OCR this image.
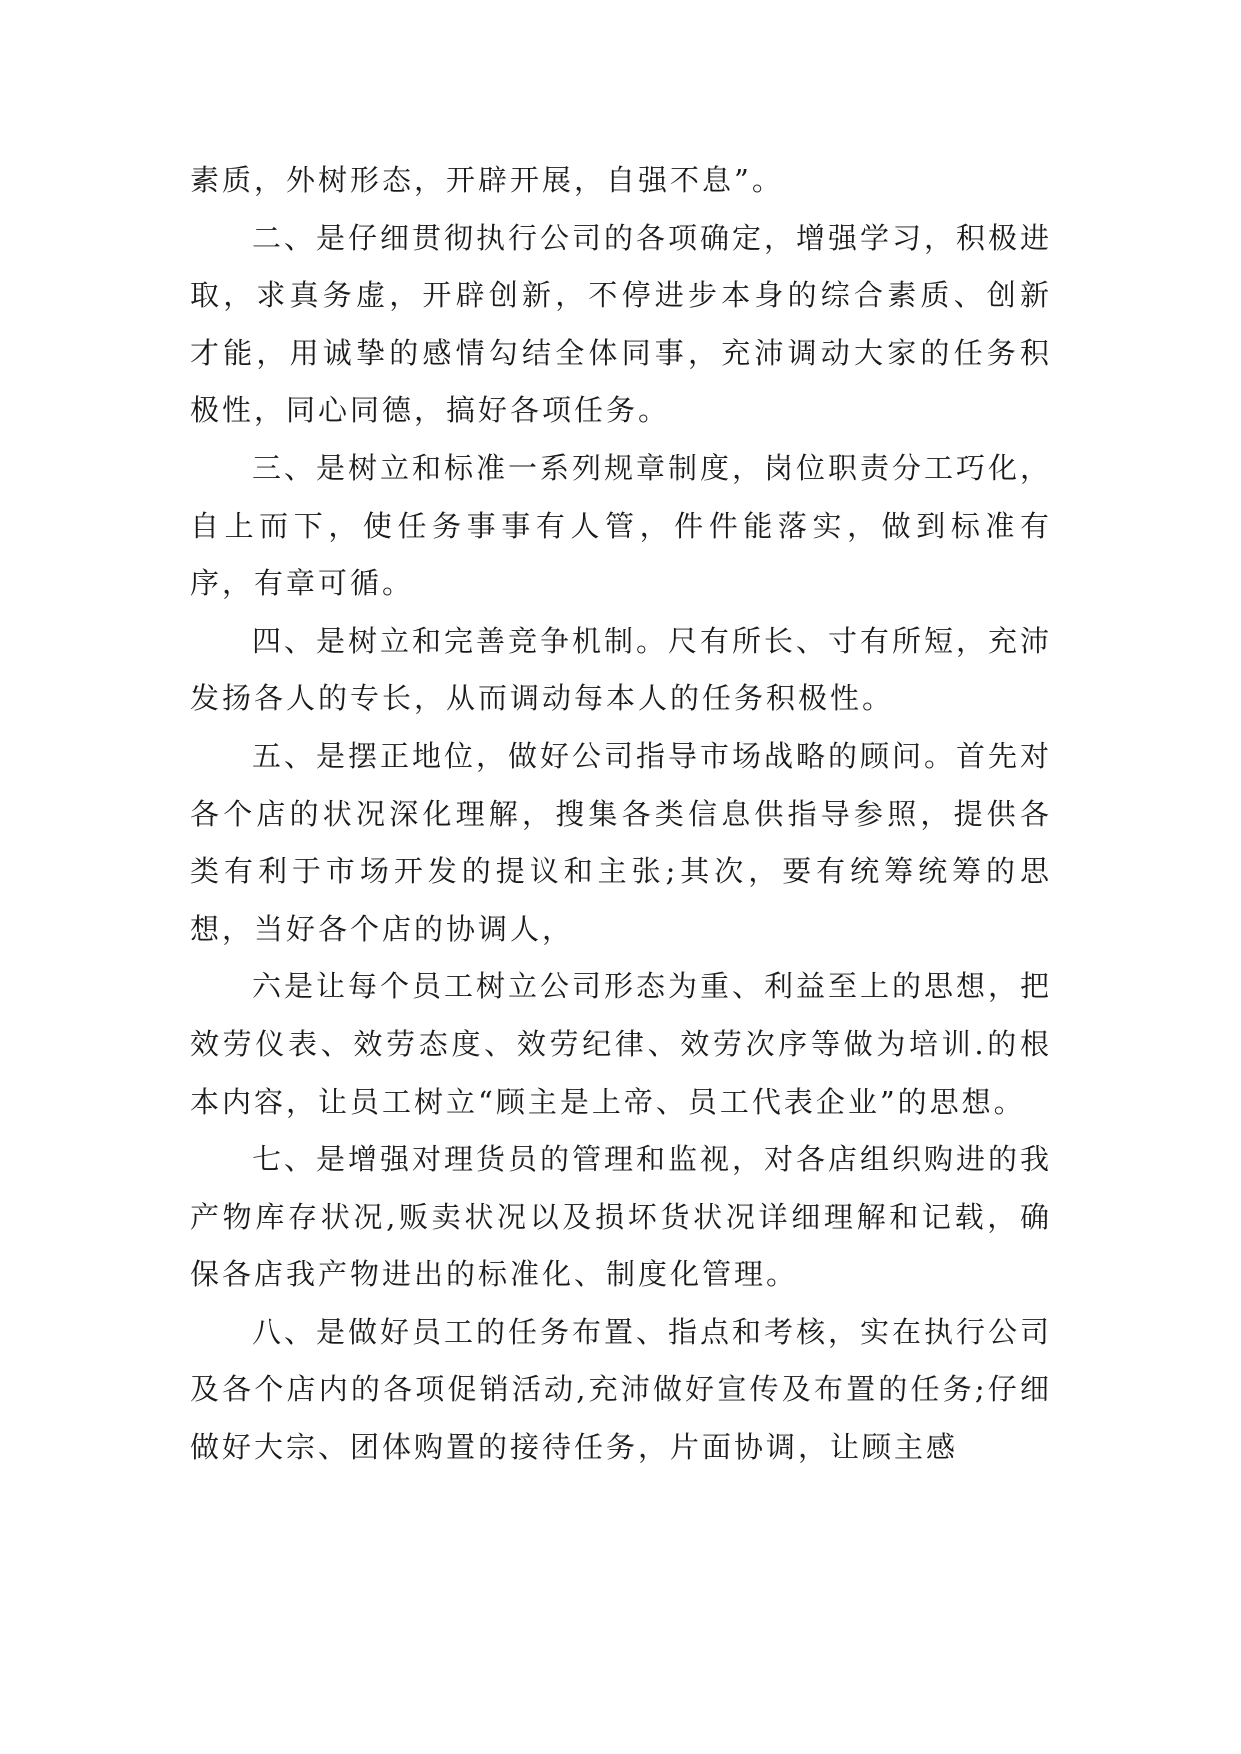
素质，外树形态，开辟开展，自强不息”。

二、是仔细贯彻执行公司的各项确定，增强学习，积极进取，求真务虚，开辟创新，不停进步本身的综合素质、创新才能，用诚挚的感情勾结全体同事，充沛调动大家的任务积极性，同心同德，搞好各项任务。

三、是树立和标准一系列规章制度，岗位职责分工巧化，自上而下，使任务事事有人管，件件能落实，做到标准有序，有章可循。

四、是树立和完善竞争机制。尺有所长、寸有所短，充沛发扬各人的专长，从而调动每本人的任务积极性。

五、是摆正地位，做好公司指导市场战略的顾问。首先对各个店的状况深化理解，搜集各类信息供指导参照，提供各类有利于市场开发的提议和主张;其次，要有统筹统筹的思想，当好各个店的协调人，

六是让每个员工树立公司形态为重、利益至上的思想，把效劳仪表、效劳态度、效劳纪律、效劳次序等做为培训.的根本内容，让员工树立“顾主是上帝、员工代表企业”的思想。

七、是增强对理货员的管理和监视，对各店组织购进的我产物库存状况,贩卖状况以及损坏货状况详细理解和记载，确保各店我产物进出的标准化、制度化管理。

八、是做好员工的任务布置、指点和考核，实在执行公司及各个店内的各项促销活动,充沛做好宣传及布置的任务;仔细做好大宗、团体购置的接待任务，片面协调，让顾主感
